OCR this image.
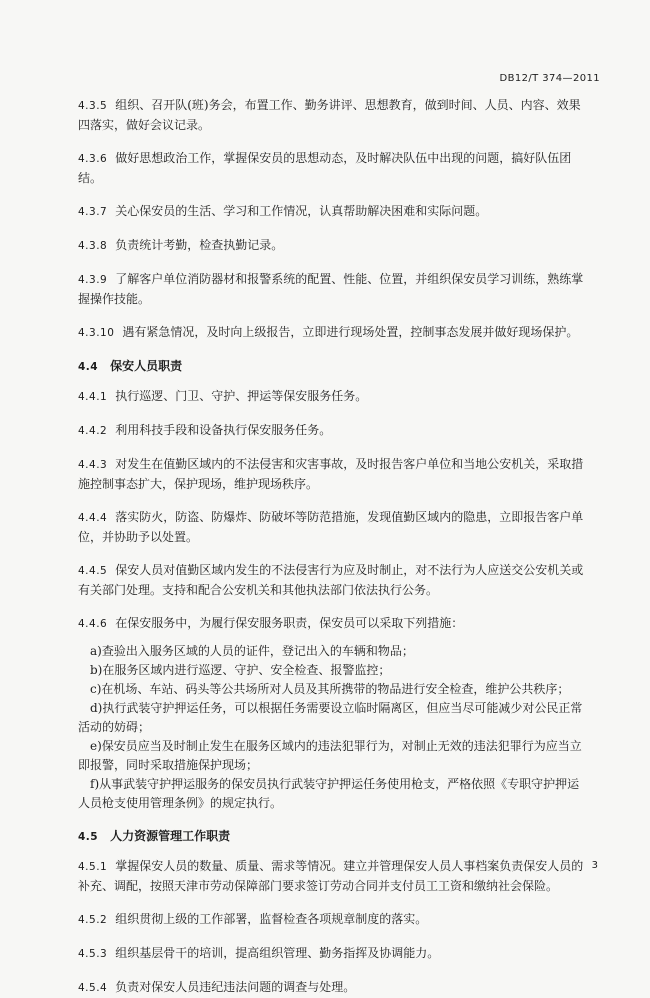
DB12/T 374—2011

4.3.5 组织、召开队(班)务会，布置工作、勤务讲评、思想教育，做到时间、人员、内容、效果四落实，做好会议记录。

4.3.6 做好思想政治工作，掌握保安员的思想动态，及时解决队伍中出现的问题，搞好队伍团结。

4.3.7 关心保安员的生活、学习和工作情况，认真帮助解决困难和实际问题。

4.3.8 负责统计考勤，检查执勤记录。

4.3.9 了解客户单位消防器材和报警系统的配置、性能、位置，并组织保安员学习训练，熟练掌握操作技能。

4.3.10 遇有紧急情况，及时向上级报告，立即进行现场处置，控制事态发展并做好现场保护。

4.4 保安人员职责

4.4.1 执行巡逻、门卫、守护、押运等保安服务任务。

4.4.2 利用科技手段和设备执行保安服务任务。

4.4.3 对发生在值勤区域内的不法侵害和灾害事故，及时报告客户单位和当地公安机关，采取措施控制事态扩大，保护现场，维护现场秩序。

4.4.4 落实防火，防盗、防爆炸、防破坏等防范措施，发现值勤区域内的隐患，立即报告客户单位，并协助予以处置。

4.4.5 保安人员对值勤区域内发生的不法侵害行为应及时制止，对不法行为人应送交公安机关或有关部门处理。支持和配合公安机关和其他执法部门依法执行公务。

4.4.6 在保安服务中，为履行保安服务职责，保安员可以采取下列措施：

a)查验出入服务区域的人员的证件，登记出入的车辆和物品；

b)在服务区域内进行巡逻、守护、安全检查、报警监控；

c)在机场、车站、码头等公共场所对人员及其所携带的物品进行安全检查，维护公共秩序；

d)执行武装守护押运任务，可以根据任务需要设立临时隔离区，但应当尽可能减少对公民正常活动的妨碍；

e)保安员应当及时制止发生在服务区域内的违法犯罪行为，对制止无效的违法犯罪行为应当立即报警，同时采取措施保护现场；

f)从事武装守护押运服务的保安员执行武装守护押运任务使用枪支，严格依照《专职守护押运人员枪支使用管理条例》的规定执行。

4.5 人力资源管理工作职责

4.5.1 掌握保安人员的数量、质量、需求等情况。建立并管理保安人员人事档案负责保安人员的补充、调配，按照天津市劳动保障部门要求签订劳动合同并支付员工工资和缴纳社会保险。

4.5.2 组织贯彻上级的工作部署，监督检查各项规章制度的落实。

4.5.3 组织基层骨干的培训，提高组织管理、勤务指挥及协调能力。

4.5.4 负责对保安人员违纪违法问题的调查与处理。

3
